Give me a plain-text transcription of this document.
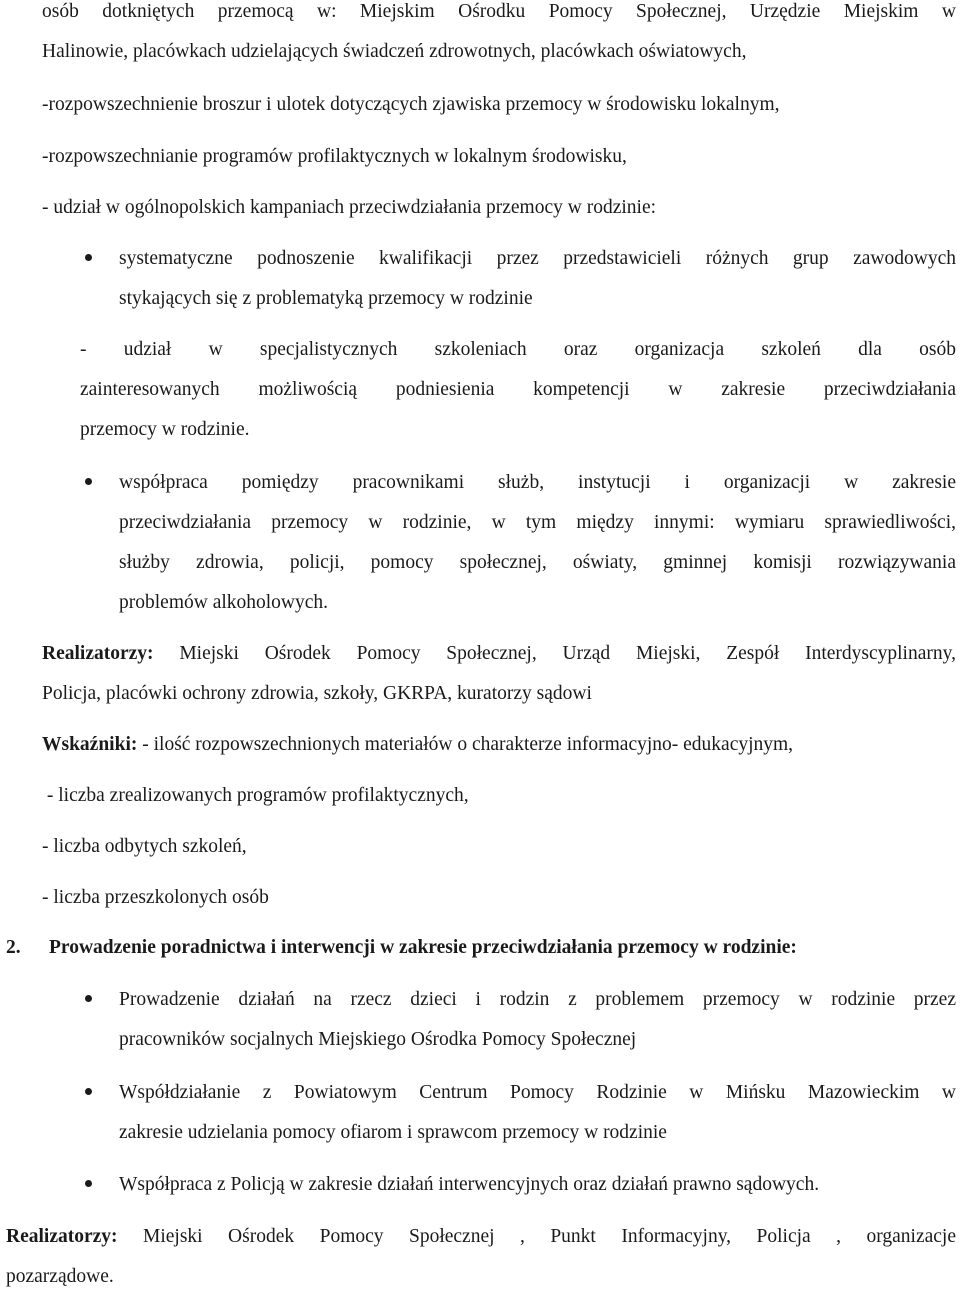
osób dotkniętych przemocą w: Miejskim Ośrodku Pomocy Społecznej, Urzędzie Miejskim w
Halinowie, placówkach udzielających świadczeń zdrowotnych, placówkach oświatowych,
-rozpowszechnienie broszur i ulotek dotyczących zjawiska przemocy w środowisku lokalnym,
-rozpowszechnianie programów profilaktycznych w lokalnym środowisku,
- udział w ogólnopolskich kampaniach przeciwdziałania przemocy w rodzinie:
systematyczne podnoszenie kwalifikacji przez przedstawicieli różnych grup zawodowych
stykających się z problematyką przemocy w rodzinie
- udział w specjalistycznych szkoleniach oraz organizacja szkoleń dla osób
zainteresowanych możliwością podniesienia kompetencji w zakresie przeciwdziałania
przemocy w rodzinie.
współpraca pomiędzy pracownikami służb, instytucji i organizacji w zakresie
przeciwdziałania przemocy w rodzinie, w tym między innymi: wymiaru sprawiedliwości,
służby zdrowia, policji, pomocy społecznej, oświaty, gminnej komisji rozwiązywania
problemów alkoholowych.
Realizatorzy: Miejski Ośrodek Pomocy Społecznej, Urząd Miejski, Zespół Interdyscyplinarny,
Policja, placówki ochrony zdrowia, szkoły, GKRPA, kuratorzy sądowi
Wskaźniki: - ilość rozpowszechnionych materiałów o charakterze informacyjno- edukacyjnym,
- liczba zrealizowanych programów profilaktycznych,
- liczba odbytych szkoleń,
- liczba przeszkolonych osób
2. Prowadzenie poradnictwa i interwencji w zakresie przeciwdziałania przemocy w rodzinie:
Prowadzenie działań na rzecz dzieci i rodzin z problemem przemocy w rodzinie przez
pracowników socjalnych Miejskiego Ośrodka Pomocy Społecznej
Współdziałanie z Powiatowym Centrum Pomocy Rodzinie w Mińsku Mazowieckim w
zakresie udzielania pomocy ofiarom i sprawcom przemocy w rodzinie
Współpraca z Policją w zakresie działań interwencyjnych oraz działań prawno sądowych.
Realizatorzy: Miejski Ośrodek Pomocy Społecznej , Punkt Informacyjny, Policja , organizacje
pozarządowe.
